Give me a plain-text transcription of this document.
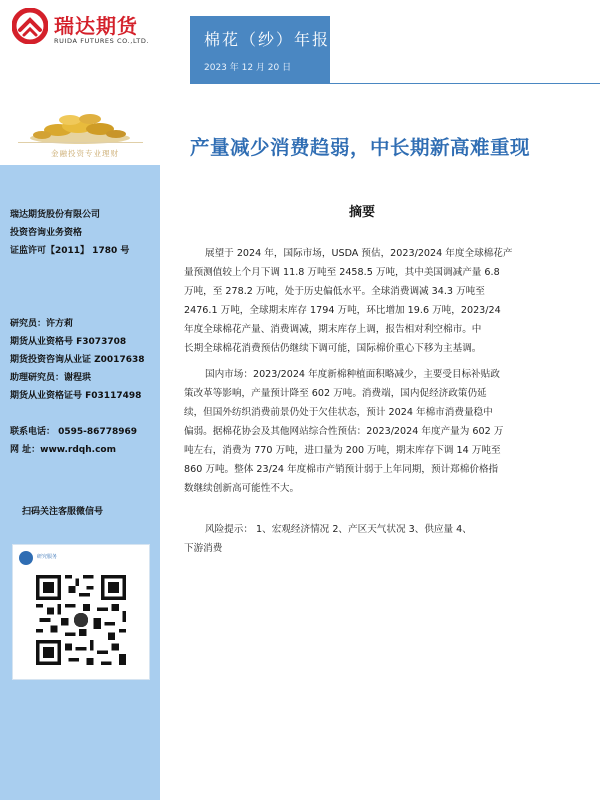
瑞达期货
RUIDA FUTURES CO.,LTD.	棉花（纱）年报
2023 年 12 月 20 日
金融投资专业理财	产量减少消费趋弱，中长期新高难重现
瑞达期货股份有限公司
投资咨询业务资格
证监许可【2011】 1780 号
研究员：许方莉
期货从业资格号 F3073708
期货投资咨询从业证 Z0017638
助理研究员：谢程珙
期货从业资格证号 F03117498
联系电话： 0595-86778969
网 址：www.rdqh.com
扫码关注客服微信号
研究服务
摘要
展望于 2024 年，国际市场，USDA 预估，2023/2024 年度全球棉花产
量预测值较上个月下调 11.8 万吨至 2458.5 万吨，其中美国调减产量 6.8
万吨，至 278.2 万吨，处于历史偏低水平。全球消费调减 34.3 万吨至
2476.1 万吨，全球期末库存 1794 万吨，环比增加 19.6 万吨，2023/24
年度全球棉花产量、消费调减，期末库存上调，报告相对利空棉市。中
长期全球棉花消费预估仍继续下调可能，国际棉价重心下移为主基调。
国内市场：2023/2024 年度新棉种植面积略减少，主要受目标补贴政
策改革等影响，产量预计降至 602 万吨。消费端，国内促经济政策仍延
续，但国外纺织消费前景仍处于欠佳状态，预计 2024 年棉市消费量稳中
偏弱。据棉花协会及其他网站综合性预估：2023/2024 年度产量为 602 万
吨左右，消费为 770 万吨，进口量为 200 万吨，期末库存下调 14 万吨至
860 万吨。整体 23/24 年度棉市产销预计弱于上年同期，预计郑棉价格指
数继续创新高可能性不大。
风险提示： 1、宏观经济情况 2、产区天气状况 3、供应量 4、
下游消费
